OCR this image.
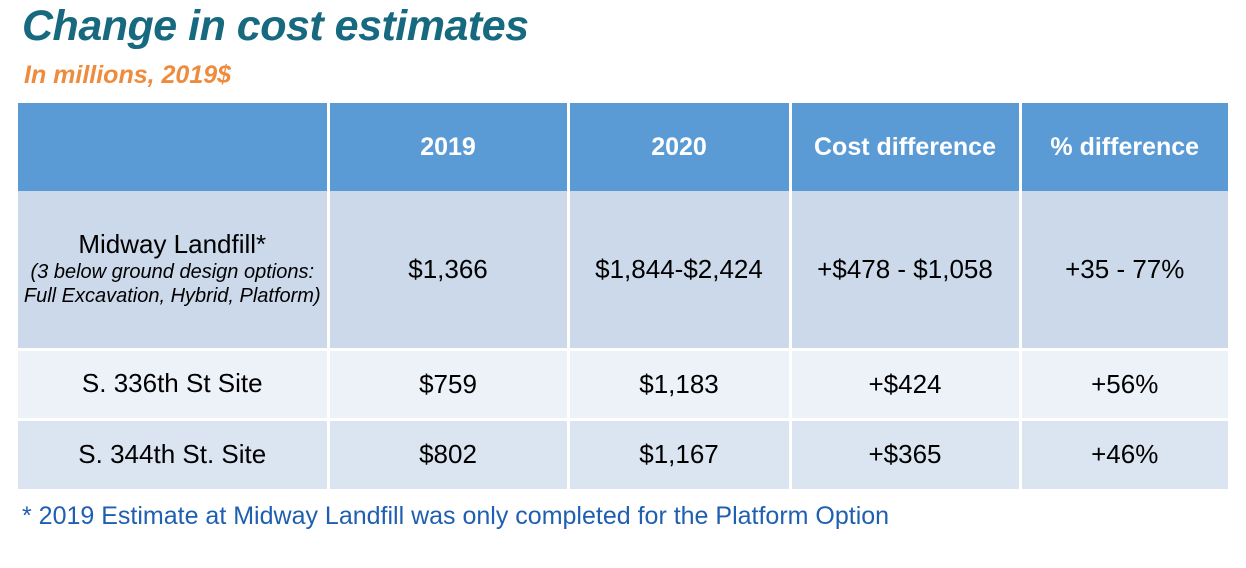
Change in cost estimates
In millions, 2019$
	2019	2020	Cost difference	% difference

Midway Landfill*
(3 below ground design options: Full Excavation, Hybrid, Platform)	$1,366	$1,844-$2,424	+$478 - $1,058	+35 - 77%

S. 336th St Site	$759	$1,183	+$424	+56%

S. 344th St. Site	$802	$1,167	+$365	+46%
* 2019 Estimate at Midway Landfill was only completed for the Platform Option
